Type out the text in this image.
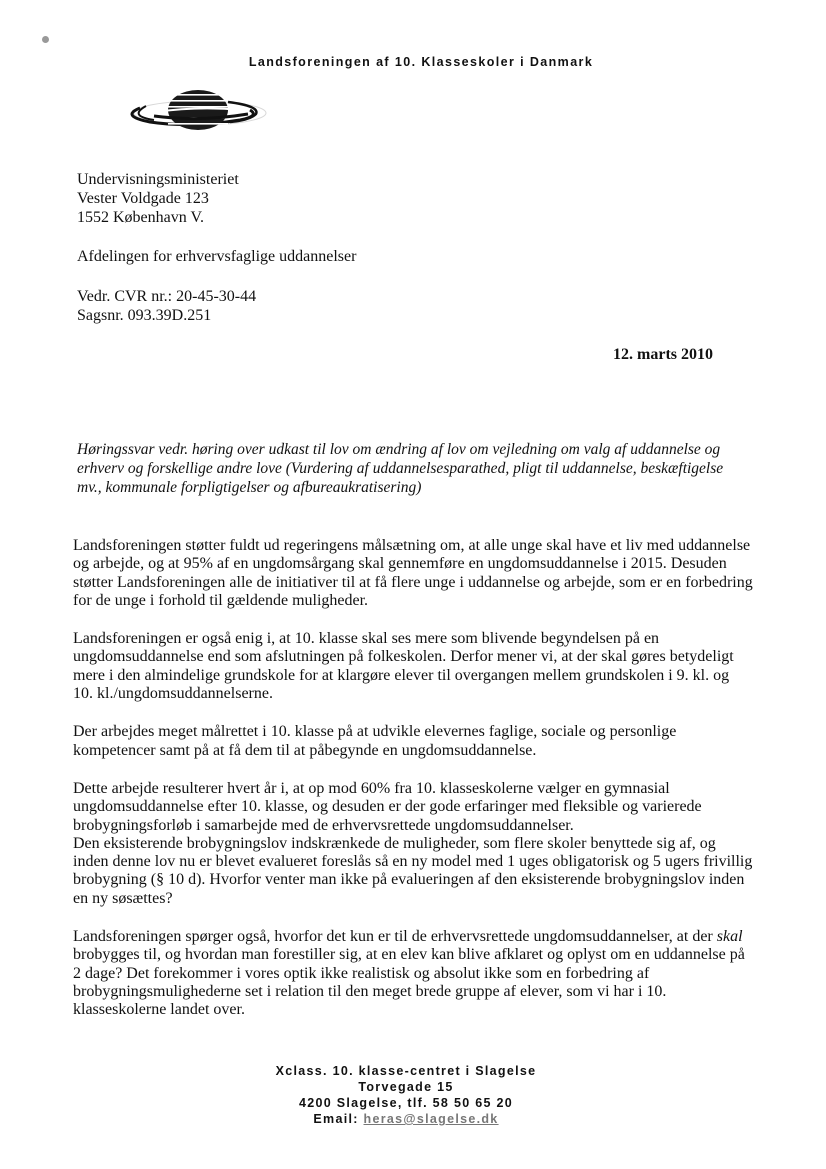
Landsforeningen af 10. Klasseskoler i Danmark
Undervisningsministeriet
Vester Voldgade 123
1552 København V.
Afdelingen for erhvervsfaglige uddannelser
Vedr. CVR nr.: 20-45-30-44
Sagsnr. 093.39D.251
12. marts 2010
Høringssvar vedr. høring over udkast til lov om ændring af lov om vejledning om valg af uddannelse og erhverv og forskellige andre love (Vurdering af uddannelsesparathed, pligt til uddannelse, beskæftigelse mv., kommunale forpligtigelser og afbureaukratisering)

Landsforeningen støtter fuldt ud regeringens målsætning om, at alle unge skal have et liv med uddannelse og arbejde, og at 95% af en ungdomsårgang skal gennemføre en ungdomsuddannelse i 2015. Desuden støtter Landsforeningen alle de initiativer til at få flere unge i uddannelse og arbejde, som er en forbedring for de unge i forhold til gældende muligheder.

Landsforeningen er også enig i, at 10. klasse skal ses mere som blivende begyndelsen på en ungdomsuddannelse end som afslutningen på folkeskolen. Derfor mener vi, at der skal gøres betydeligt mere i den almindelige grundskole for at klargøre elever til overgangen mellem grundskolen i 9. kl. og 10. kl./ungdomsuddannelserne.

Der arbejdes meget målrettet i 10. klasse på at udvikle elevernes faglige, sociale og personlige kompetencer samt på at få dem til at påbegynde en ungdomsuddannelse.

Dette arbejde resulterer hvert år i, at op mod 60% fra 10. klasseskolerne vælger en gymnasial ungdomsuddannelse efter 10. klasse, og desuden er der gode erfaringer med fleksible og varierede brobygningsforløb i samarbejde med de erhvervsrettede ungdomsuddannelser.

Den eksisterende brobygningslov indskrænkede de muligheder, som flere skoler benyttede sig af, og inden denne lov nu er blevet evalueret foreslås så en ny model med 1 uges obligatorisk og 5 ugers frivillig brobygning (§ 10 d). Hvorfor venter man ikke på evalueringen af den eksisterende brobygningslov inden en ny søsættes?

Landsforeningen spørger også, hvorfor det kun er til de erhvervsrettede ungdomsuddannelser, at der skal brobygges til, og hvordan man forestiller sig, at en elev kan blive afklaret og oplyst om en uddannelse på 2 dage? Det forekommer i vores optik ikke realistisk og absolut ikke som en forbedring af brobygningsmulighederne set i relation til den meget brede gruppe af elever, som vi har i 10. klasseskolerne landet over.

Xclass. 10. klasse-centret i Slagelse
Torvegade 15
4200 Slagelse, tlf. 58 50 65 20
Email: heras@slagelse.dk
